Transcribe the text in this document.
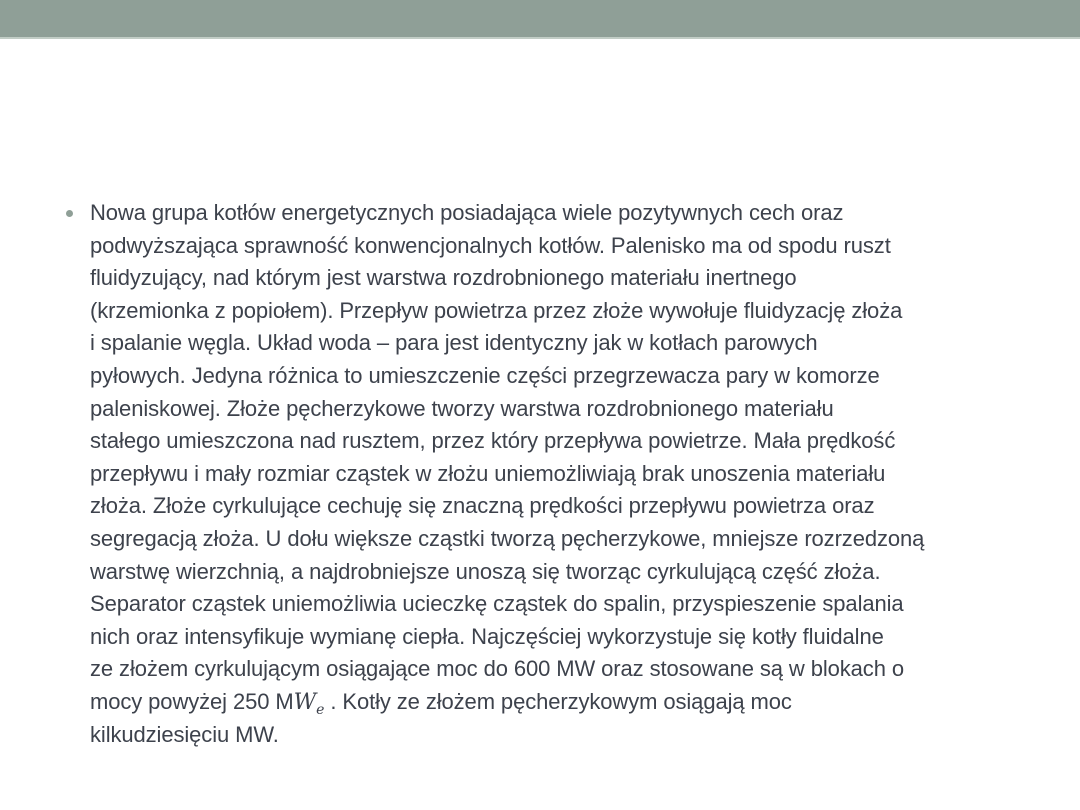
Nowa grupa kotłów energetycznych posiadająca wiele pozytywnych cech oraz
podwyższająca sprawność konwencjonalnych kotłów. Palenisko ma od spodu ruszt
fluidyzujący, nad którym jest warstwa rozdrobnionego materiału inertnego
(krzemionka z popiołem). Przepływ powietrza przez złoże wywołuje fluidyzację złoża
i spalanie węgla. Układ woda – para jest identyczny jak w kotłach parowych
pyłowych. Jedyna różnica to umieszczenie części przegrzewacza pary w komorze
paleniskowej. Złoże pęcherzykowe tworzy warstwa rozdrobnionego materiału
stałego umieszczona nad rusztem, przez który przepływa powietrze. Mała prędkość
przepływu i mały rozmiar cząstek w złożu uniemożliwiają brak unoszenia materiału
złoża. Złoże cyrkulujące cechuję się znaczną prędkości przepływu powietrza oraz
segregacją złoża. U dołu większe cząstki tworzą pęcherzykowe, mniejsze rozrzedzoną
warstwę wierzchnią, a najdrobniejsze unoszą się tworząc cyrkulującą część złoża.
Separator cząstek uniemożliwia ucieczkę cząstek do spalin, przyspieszenie spalania
nich oraz intensyfikuje wymianę ciepła. Najczęściej wykorzystuje się kotły fluidalne
ze złożem cyrkulującym osiągające moc do 600 MW oraz stosowane są w blokach o
mocy powyżej 250 $MW_e$ . Kotły ze złożem pęcherzykowym osiągają moc
kilkudziesięciu MW.
